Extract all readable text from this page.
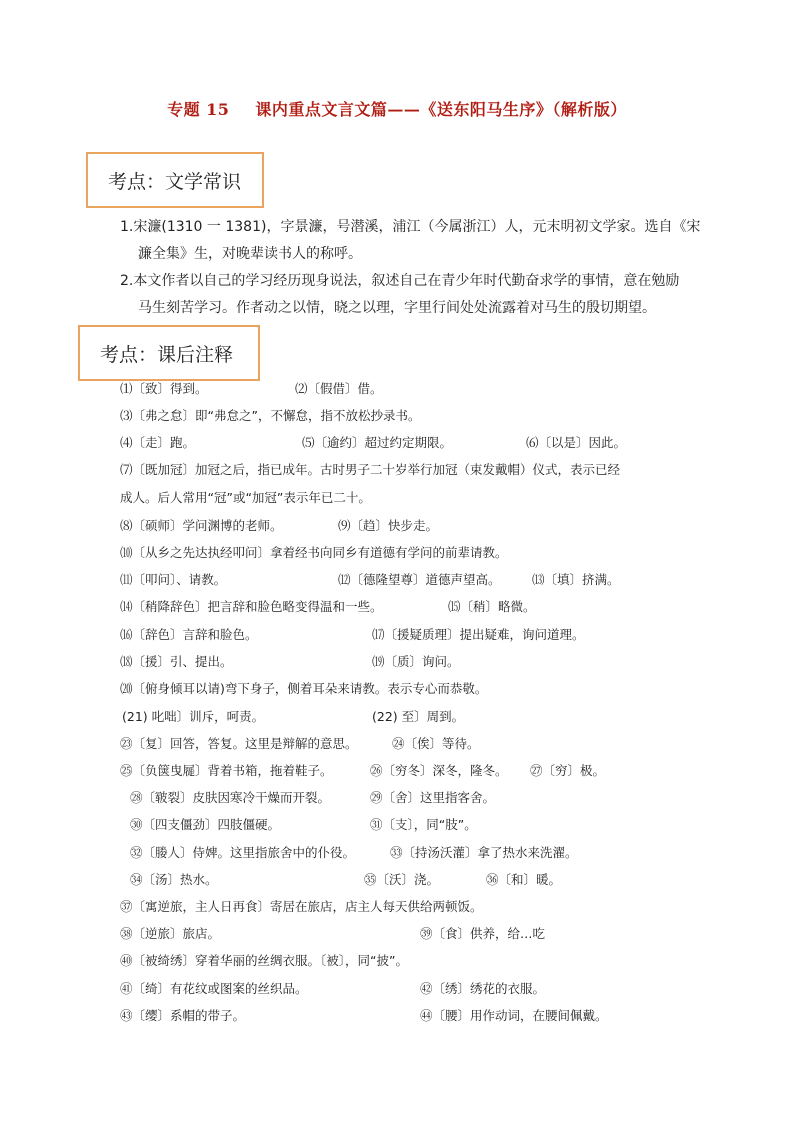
专题 15 课内重点文言文篇——《送东阳马生序》（解析版）
考点：文学常识

1.宋濂(1310 一 1381)，字景濂，号潜溪，浦江（今属浙江）人，元末明初文学家。选自《宋

濂全集》生，对晚辈读书人的称呼。

2.本文作者以自己的学习经历现身说法，叙述自己在青少年时代勤奋求学的事情，意在勉励

马生刻苦学习。作者动之以情，晓之以理，字里行间处处流露着对马生的殷切期望。

考点：课后注释
⑴〔致〕得到。	⑵〔假借〕借。
⑶〔弗之怠〕即“弗怠之”，不懈怠，指不放松抄录书。
⑷〔走〕跑。	⑸〔逾约〕超过约定期限。	⑹〔以是〕因此。
⑺〔既加冠〕加冠之后，指已成年。古时男子二十岁举行加冠（束发戴帽）仪式，表示已经
成人。后人常用“冠”或“加冠”表示年已二十。
⑻〔硕师〕学问渊博的老师。	⑼〔趋〕快步走。
⑽〔从乡之先达执经叩问〕拿着经书向同乡有道德有学问的前辈请教。
⑾〔叩问〕、请教。	⑿〔德隆望尊〕道德声望高。	⒀〔填〕挤满。
⒁〔稍降辞色〕把言辞和脸色略变得温和一些。	⒂〔稍〕略微。
⒃〔辞色〕言辞和脸色。	⒄〔援疑质理〕提出疑难，询问道理。
⒅〔援〕引、提出。	⒆〔质〕询问。
⒇〔俯身倾耳以请)弯下身子，侧着耳朵来请教。表示专心而恭敬。
(21) 叱咄〕训斥，呵责。	(22) 至〕周到。
㉓〔复〕回答，答复。这里是辩解的意思。	㉔〔俟〕等待。
㉕〔负箧曳屣〕背着书箱，拖着鞋子。	㉖〔穷冬〕深冬，隆冬。 ㉗〔穷〕极。
㉘〔皲裂〕皮肤因寒冷干燥而开裂。	㉙〔舍〕这里指客舍。
㉚〔四支僵劲〕四肢僵硬。	㉛〔支〕，同“肢”。
㉜〔媵人〕侍婢。这里指旅舍中的仆役。	㉝〔持汤沃灌〕拿了热水来洗濯。
㉞〔汤〕热水。	㉟〔沃〕浇。	㊱〔和〕暖。
㊲〔寓逆旅，主人日再食〕寄居在旅店，店主人每天供给两顿饭。
㊳〔逆旅〕旅店。	㊴〔食〕供养，给…吃
㊵〔被绮绣〕穿着华丽的丝绸衣服。〔被〕，同“披”。
㊶〔绮〕有花纹或图案的丝织品。	㊷〔绣〕绣花的衣服。
㊸〔缨〕系帽的带子。	㊹〔腰〕用作动词，在腰间佩戴。
